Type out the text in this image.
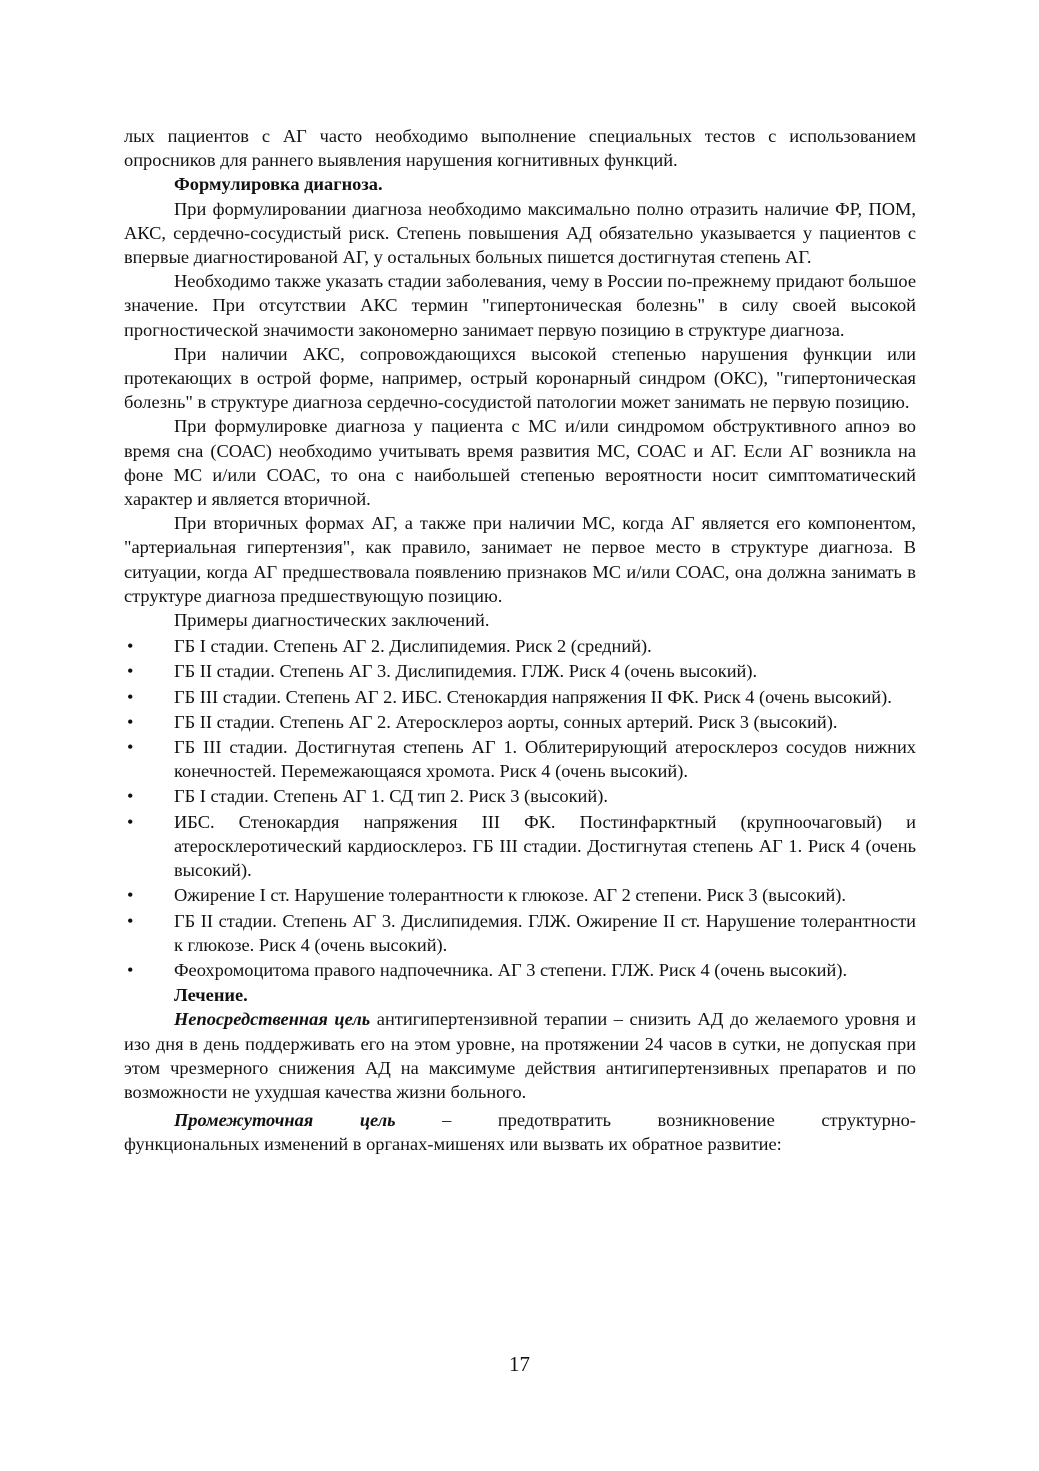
лых пациентов с АГ часто необходимо выполнение специальных тестов с использованием опросников для раннего выявления нарушения когнитивных функций.

Формулировка диагноза.

При формулировании диагноза необходимо максимально полно отразить наличие ФР, ПОМ, АКС, сердечно-сосудистый риск. Степень повышения АД обязательно указывается у пациентов с впервые диагностированой АГ, у остальных больных пишется достигнутая степень АГ.

Необходимо также указать стадии заболевания, чему в России по-прежнему придают большое значение. При отсутствии АКС термин "гипертоническая болезнь" в силу своей высокой прогностической значимости закономерно занимает первую позицию в структуре диагноза.

При наличии АКС, сопровождающихся высокой степенью нарушения функции или протекающих в острой форме, например, острый коронарный синдром (ОКС), "гипертоническая болезнь" в структуре диагноза сердечно-сосудистой патологии может занимать не первую позицию.

При формулировке диагноза у пациента с МС и/или синдромом обструктивного апноэ во время сна (СОАС) необходимо учитывать время развития МС, СОАС и АГ. Если АГ возникла на фоне МС и/или СОАС, то она с наибольшей степенью вероятности носит симптоматический характер и является вторичной.

При вторичных формах АГ, а также при наличии МС, когда АГ является его компонентом, "артериальная гипертензия", как правило, занимает не первое место в структуре диагноза. В ситуации, когда АГ предшествовала появлению признаков МС и/или СОАС, она должна занимать в структуре диагноза предшествующую позицию.

Примеры диагностических заключений.

• ГБ I стадии. Степень АГ 2. Дислипидемия. Риск 2 (средний).
• ГБ II стадии. Степень АГ 3. Дислипидемия. ГЛЖ. Риск 4 (очень высокий).
• ГБ III стадии. Степень АГ 2. ИБС. Стенокардия напряжения II ФК. Риск 4 (очень высокий).
• ГБ II стадии. Степень АГ 2. Атеросклероз аорты, сонных артерий. Риск 3 (высокий).
• ГБ III стадии. Достигнутая степень АГ 1. Облитерирующий атеросклероз сосудов нижних конечностей. Перемежающаяся хромота. Риск 4 (очень высокий).
• ГБ I стадии. Степень АГ 1. СД тип 2. Риск 3 (высокий).
• ИБС. Стенокардия напряжения III ФК. Постинфарктный (крупноочаговый) и атеросклеротический кардиосклероз. ГБ III стадии. Достигнутая степень АГ 1. Риск 4 (очень высокий).
• Ожирение I ст. Нарушение толерантности к глюкозе. АГ 2 степени. Риск 3 (высокий).
• ГБ II стадии. Степень АГ 3. Дислипидемия. ГЛЖ. Ожирение II ст. Нарушение толерантности к глюкозе. Риск 4 (очень высокий).
• Феохромоцитома правого надпочечника. АГ 3 степени. ГЛЖ. Риск 4 (очень высокий).

Лечение.

Непосредственная цель антигипертензивной терапии – снизить АД до желаемого уровня и изо дня в день поддерживать его на этом уровне, на протяжении 24 часов в сутки, не допуская при этом чрезмерного снижения АД на максимуме действия антигипертензивных препаратов и по возможности не ухудшая качества жизни больного.

Промежуточная	цель	–	предотвратить	возникновение	структурно-

функциональных изменений в органах-мишенях или вызвать их обратное развитие:

17
